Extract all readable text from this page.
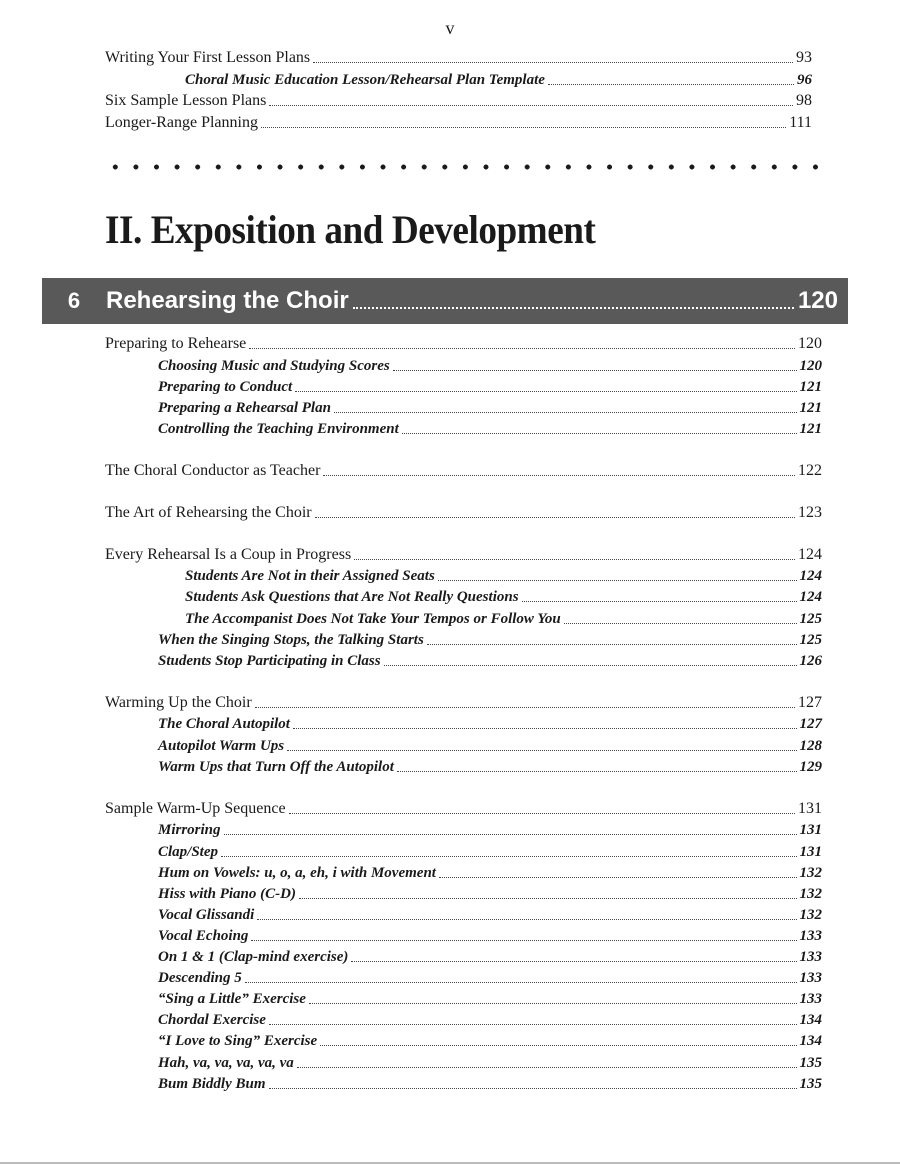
v
Writing Your First Lesson Plans	93
Choral Music Education Lesson/Rehearsal Plan Template	96
Six Sample Lesson Plans	98
Longer-Range Planning	111
II. Exposition and Development
6	Rehearsing the Choir	120
Preparing to Rehearse	120
Choosing Music and Studying Scores	120
Preparing to Conduct	121
Preparing a Rehearsal Plan	121
Controlling the Teaching Environment	121
The Choral Conductor as Teacher	122
The Art of Rehearsing the Choir	123
Every Rehearsal Is a Coup in Progress	124
Students Are Not in their Assigned Seats	124
Students Ask Questions that Are Not Really Questions	124
The Accompanist Does Not Take Your Tempos or Follow You	125
When the Singing Stops, the Talking Starts	125
Students Stop Participating in Class	126
Warming Up the Choir	127
The Choral Autopilot	127
Autopilot Warm Ups	128
Warm Ups that Turn Off the Autopilot	129
Sample Warm-Up Sequence	131
Mirroring	131
Clap/Step	131
Hum on Vowels: u, o, a, eh, i with Movement	132
Hiss with Piano (C-D)	132
Vocal Glissandi	132
Vocal Echoing	133
On 1 & 1 (Clap-mind exercise)	133
Descending 5	133
“Sing a Little” Exercise	133
Chordal Exercise	134
“I Love to Sing” Exercise	134
Hah, va, va, va, va, va	135
Bum Biddly Bum	135
